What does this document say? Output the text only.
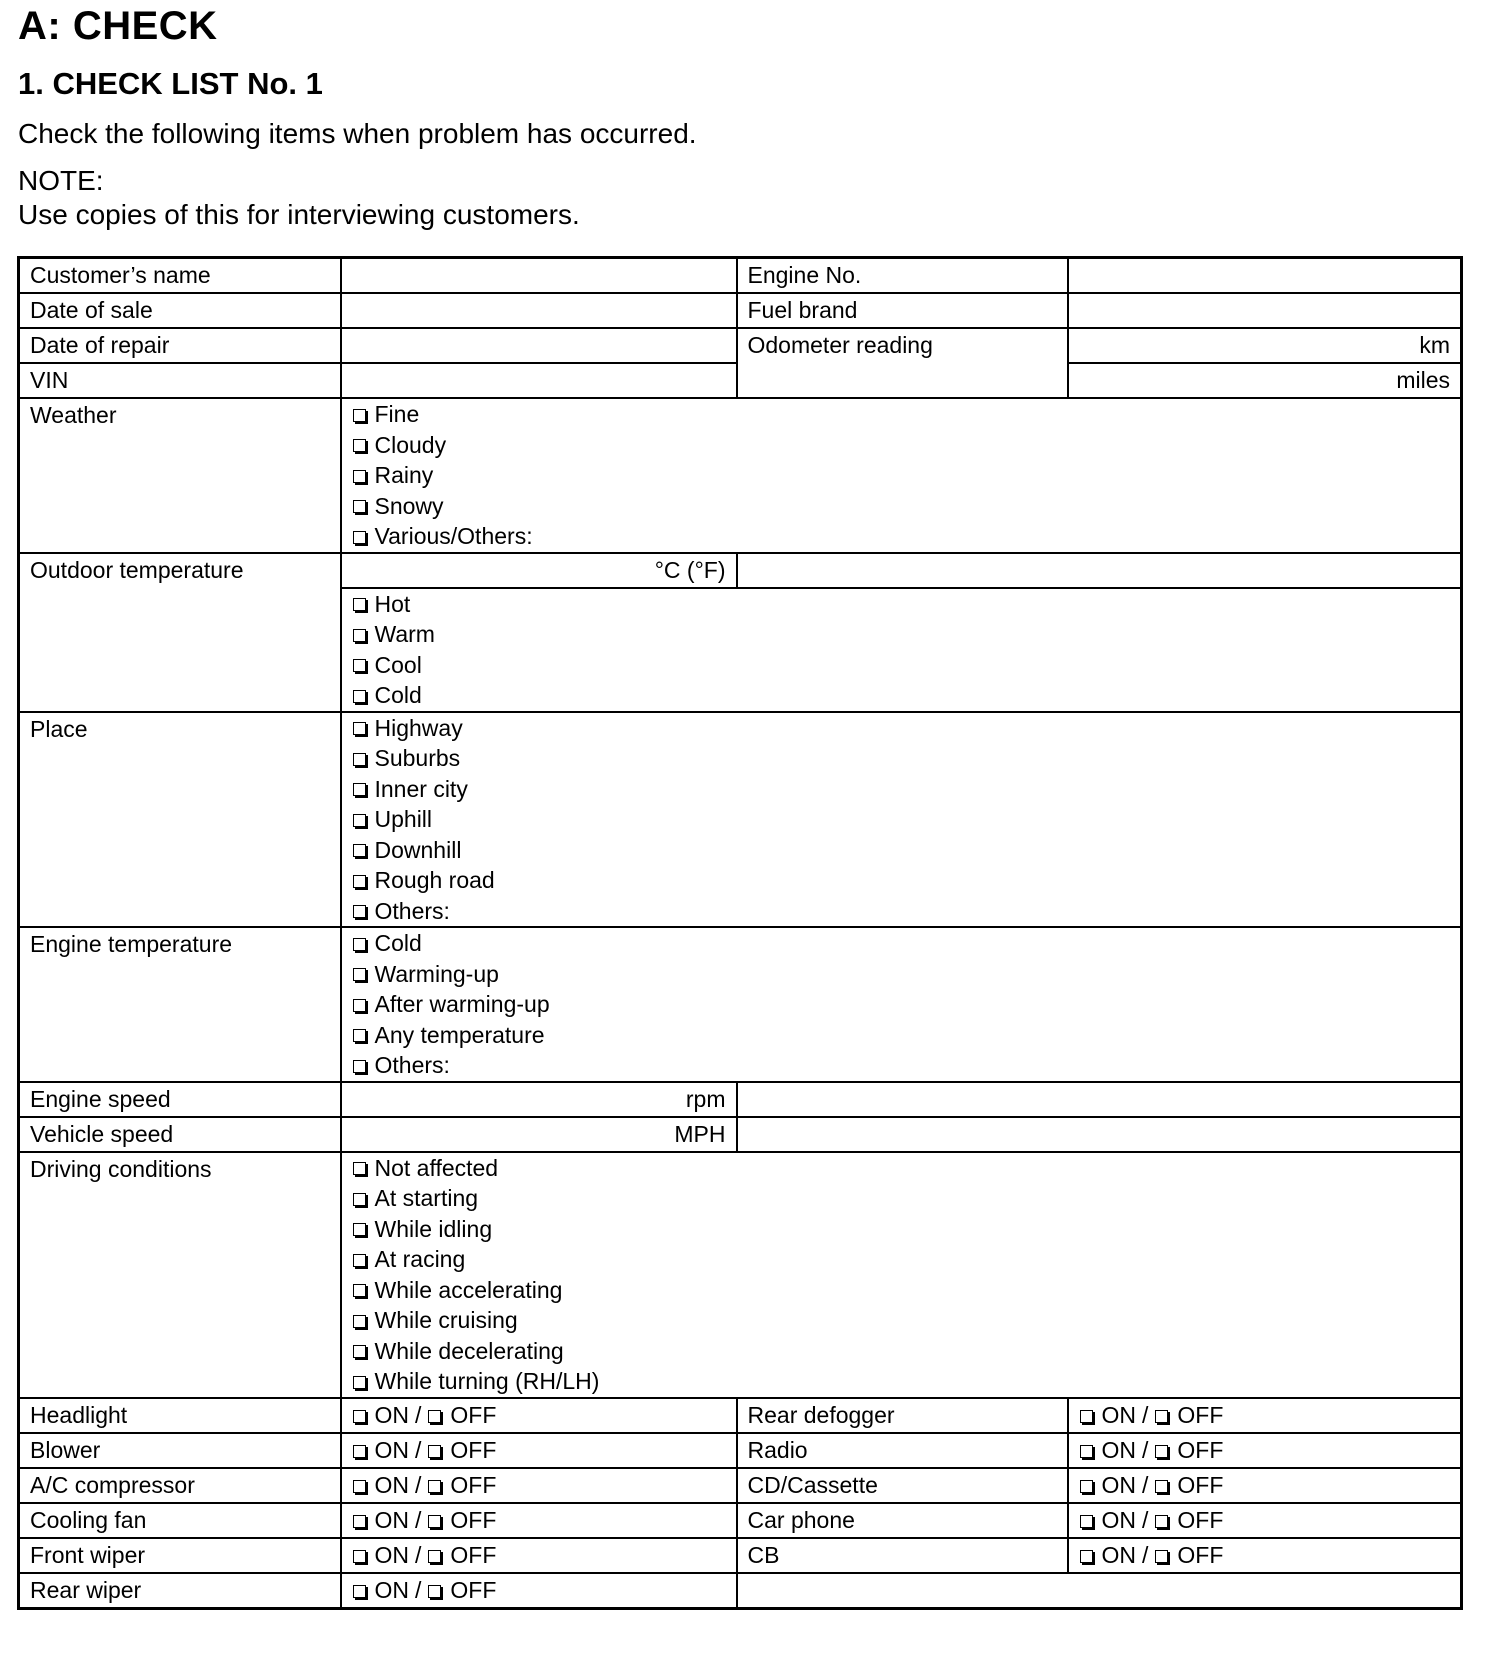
A: CHECK
1. CHECK LIST No. 1
Check the following items when problem has occurred.
NOTE:
Use copies of this for interviewing customers.
Customer’s name		Engine No.	
Date of sale		Fuel brand	
Date of repair		Odometer reading	km
VIN			miles
Weather	Fine
Cloudy
Rainy
Snowy
Various/Others:		

Outdoor temperature	°C (°F)		

	Hot
Warm
Cool
Cold		

Place	Highway
Suburbs
Inner city
Uphill
Downhill
Rough road
Others:

Engine temperature	Cold
Warming-up
After warming-up
Any temperature
Others:		

Engine speed	rpm		
Vehicle speed	MPH		
Driving conditions	Not affected
At starting
While idling
At racing
While accelerating
While cruising
While decelerating
While turning (RH/LH)

Headlight	ON / OFF	Rear defogger	ON / OFF

Blower	ON / OFF	Radio	ON / OFF

A/C compressor	ON / OFF	CD/Cassette	ON / OFF

Cooling fan	ON / OFF	Car phone	ON / OFF

Front wiper	ON / OFF	CB	ON / OFF

Rear wiper	ON / OFF		
